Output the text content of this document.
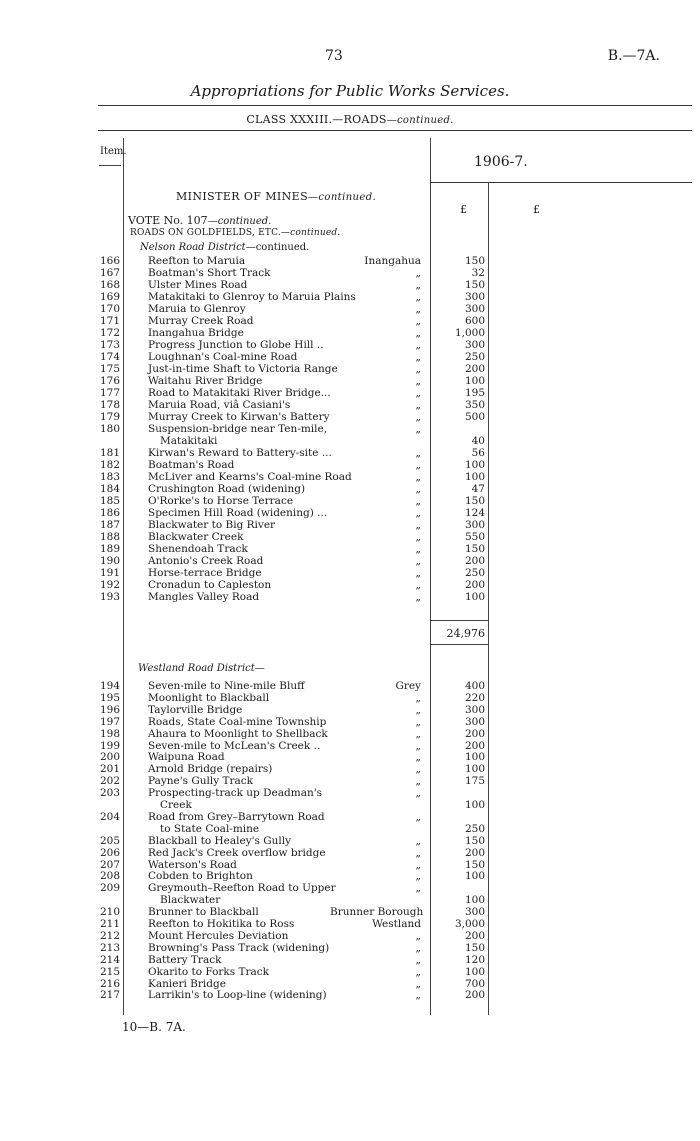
73	B.—7A.
Appropriations for Public Works Services.
CLASS XXXIII.—ROADS—continued.
Item.
1906-7.
MINISTER OF MINES—continued.
£	£
VOTE No. 107—continued.
ROADS ON GOLDFIELDS, ETC.—continued.
Nelson Road District—continued.
166	Reefton to Maruia	Inangahua	150
167	Boatman's Short Track	„	32
168	Ulster Mines Road	„	150
169	Matakitaki to Glenroy to Maruia Plains	„	300
170	Maruia to Glenroy	„	300
171	Murray Creek Road	„	600
172	Inangahua Bridge	„	1,000
173	Progress Junction to Globe Hill ..	„	300
174	Loughnan's Coal-mine Road	„	250
175	Just-in-time Shaft to Victoria Range	„	200
176	Waitahu River Bridge	„	100
177	Road to Matakitaki River Bridge...	„	195
178	Maruia Road, viâ Casiani's	„	350
179	Murray Creek to Kirwan's Battery	„	500
180	Suspension-bridge near Ten-mile,	„
Matakitaki	40
181	Kirwan's Reward to Battery-site ...	„	56
182	Boatman's Road	„	100
183	McLiver and Kearns's Coal-mine Road	„	100
184	Crushington Road (widening)	„	47
185	O'Rorke's to Horse Terrace	„	150
186	Specimen Hill Road (widening) ...	„	124
187	Blackwater to Big River	„	300
188	Blackwater Creek	„	550
189	Shenendoah Track	„	150
190	Antonio's Creek Road	„	200
191	Horse-terrace Bridge	„	250
192	Cronadun to Capleston	„	200
193	Mangles Valley Road	„	100
24,976
Westland Road District—
194	Seven-mile to Nine-mile Bluff	Grey	400
195	Moonlight to Blackball	„	220
196	Taylorville Bridge	„	300
197	Roads, State Coal-mine Township	„	300
198	Ahaura to Moonlight to Shellback	„	200
199	Seven-mile to McLean's Creek ..	„	200
200	Waipuna Road	„	100
201	Arnold Bridge (repairs)	„	100
202	Payne's Gully Track	„	175
203	Prospecting-track up Deadman's	„
Creek	100
204	Road from Grey–Barrytown Road	„
to State Coal-mine	250
205	Blackball to Healey's Gully	„	150
206	Red Jack's Creek overflow bridge	„	200
207	Waterson's Road	„	150
208	Cobden to Brighton	„	100
209	Greymouth–Reefton Road to Upper	„
Blackwater	100
210	Brunner to Blackball	Brunner Borough	300
211	Reefton to Hokitika to Ross	Westland	3,000
212	Mount Hercules Deviation	„	200
213	Browning's Pass Track (widening)	„	150
214	Battery Track	„	120
215	Okarito to Forks Track	„	100
216	Kanieri Bridge	„	700
217	Larrikin's to Loop-line (widening)	„	200
10—B. 7A.
